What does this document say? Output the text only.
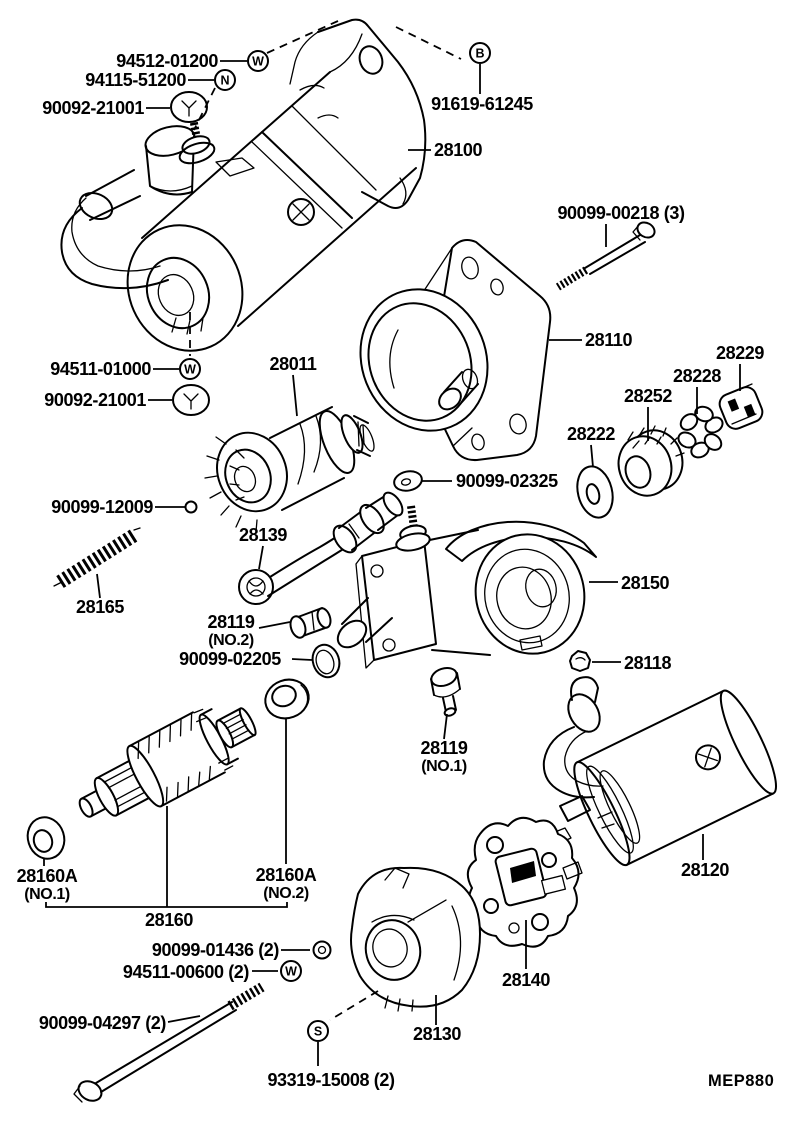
W
N
B
W
W
S
94512-01200
94115-51200
90092-21001	91619-61245
28100
90099-00218 (3)
28110
28229
28228
28252
28222
90099-02325
94511-01000
90092-21001
28011
90099-12009
28139
28165
28119
(NO.2)
90099-02205
28150
28118
28119
(NO.1)
28160A
(NO.1)
28160A
(NO.2)
28160
90099-01436 (2)
94511-00600 (2)
90099-04297 (2)
93319-15008 (2)
28130
28140
28120
MEP880
